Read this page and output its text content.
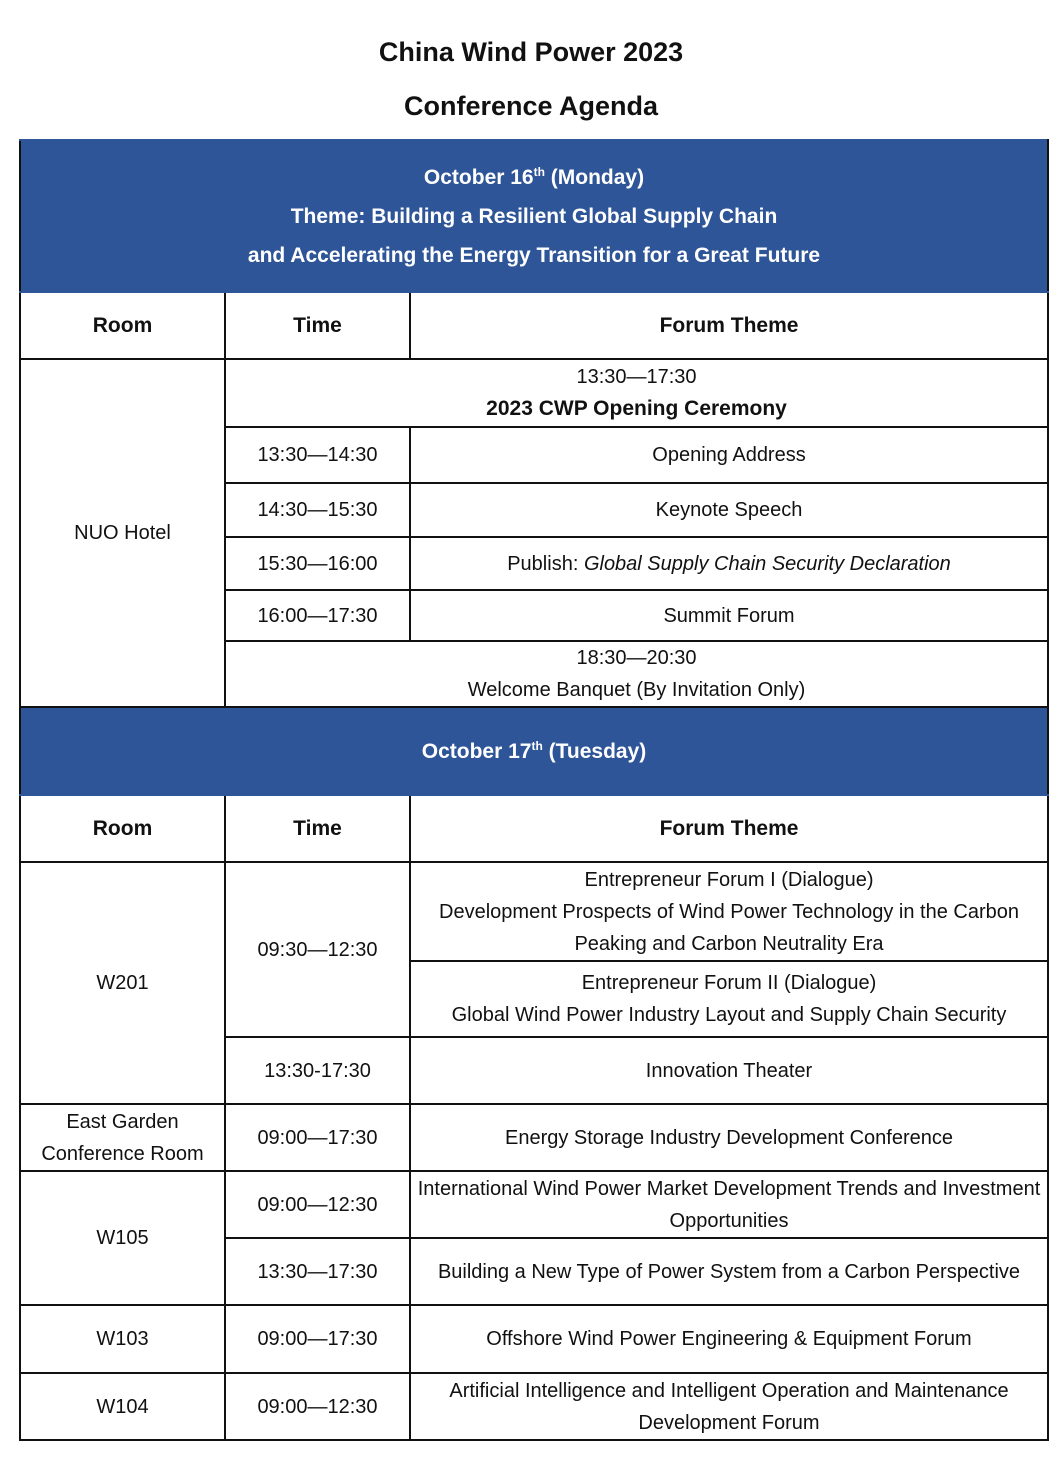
China Wind Power 2023
Conference Agenda
October 16th (Monday)
Theme: Building a Resilient Global Supply Chain
and Accelerating the Energy Transition for a Great Future		

Room	Time	Forum Theme
NUO Hotel	13:30—17:30
2023 CWP Opening Ceremony	

	13:30—14:30	Opening Address
	14:30—15:30	Keynote Speech
	15:30—16:00	Publish: Global Supply Chain Security Declaration
	16:00—17:30	Summit Forum

	18:30—20:30
Welcome Banquet (By Invitation Only)	

October 17th (Tuesday)		

Room	Time	Forum Theme
W201	09:30—12:30	Entrepreneur Forum I (Dialogue)
Development Prospects of Wind Power Technology in the Carbon Peaking and Carbon Neutrality Era

		Entrepreneur Forum II (Dialogue)
Global Wind Power Industry Layout and Supply Chain Security

	13:30-17:30	Innovation Theater

East Garden
Conference Room	09:00—17:30	Energy Storage Industry Development Conference
W105	09:00—12:30	International Wind Power Market Development Trends and Investment Opportunities
	13:30—17:30	Building a New Type of Power System from a Carbon Perspective
W103	09:00—17:30	Offshore Wind Power Engineering & Equipment Forum
W104	09:00—12:30	Artificial Intelligence and Intelligent Operation and Maintenance Development Forum
